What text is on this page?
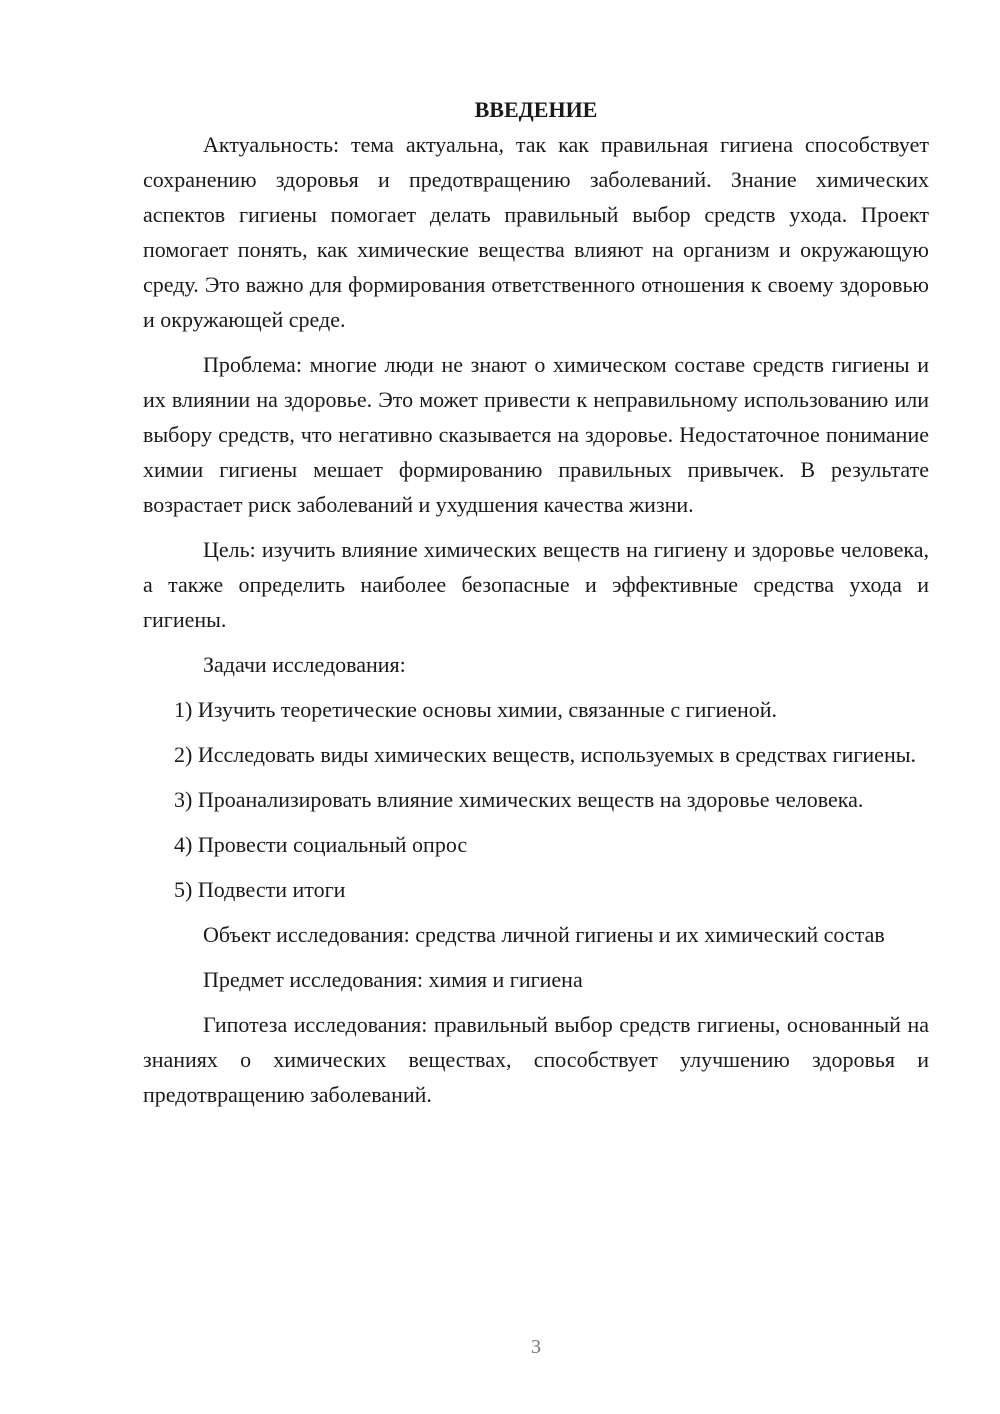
ВВЕДЕНИЕ

Актуальность: тема актуальна, так как правильная гигиена способствует сохранению здоровья и предотвращению заболеваний. Знание химических аспектов гигиены помогает делать правильный выбор средств ухода. Проект помогает понять, как химические вещества влияют на организм и окружающую среду. Это важно для формирования ответственного отношения к своему здоровью и окружающей среде.

Проблема: многие люди не знают о химическом составе средств гигиены и их влиянии на здоровье. Это может привести к неправильному использованию или выбору средств, что негативно сказывается на здоровье. Недостаточное понимание химии гигиены мешает формированию правильных привычек. В результате возрастает риск заболеваний и ухудшения качества жизни.

Цель: изучить влияние химических веществ на гигиену и здоровье человека, а также определить наиболее безопасные и эффективные средства ухода и гигиены.

Задачи исследования:

1) Изучить теоретические основы химии, связанные с гигиеной.

2) Исследовать виды химических веществ, используемых в средствах гигиены.

3) Проанализировать влияние химических веществ на здоровье человека.

4) Провести социальный опрос

5) Подвести итоги

Объект исследования: средства личной гигиены и их химический состав

Предмет исследования: химия и гигиена

Гипотеза исследования: правильный выбор средств гигиены, основанный на знаниях о химических веществах, способствует улучшению здоровья и предотвращению заболеваний.

3
